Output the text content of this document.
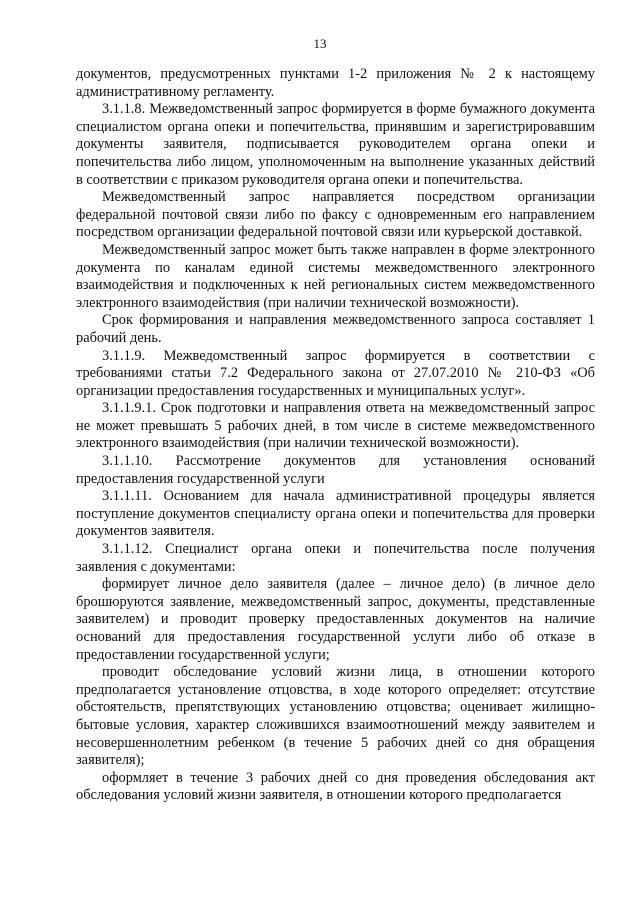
13

документов, предусмотренных пунктами 1-2 приложения № 2 к настоящему административному регламенту.

3.1.1.8. Межведомственный запрос формируется в форме бумажного документа специалистом органа опеки и попечительства, принявшим и зарегистрировавшим документы заявителя, подписывается руководителем органа опеки и попечительства либо лицом, уполномоченным на выполнение указанных действий в соответствии с приказом руководителя органа опеки и попечительства.

Межведомственный запрос направляется посредством организации федеральной почтовой связи либо по факсу с одновременным его направлением посредством организации федеральной почтовой связи или курьерской доставкой.

Межведомственный запрос может быть также направлен в форме электронного документа по каналам единой системы межведомственного электронного взаимодействия и подключенных к ней региональных систем межведомственного электронного взаимодействия (при наличии технической возможности).

Срок формирования и направления межведомственного запроса составляет 1 рабочий день.

3.1.1.9. Межведомственный запрос формируется в соответствии с требованиями статьи 7.2 Федерального закона от 27.07.2010 № 210-ФЗ «Об организации предоставления государственных и муниципальных услуг».

3.1.1.9.1. Срок подготовки и направления ответа на межведомственный запрос не может превышать 5 рабочих дней, в том числе в системе межведомственного электронного взаимодействия (при наличии технической возможности).

3.1.1.10. Рассмотрение документов для установления оснований предоставления государственной услуги

3.1.1.11. Основанием для начала административной процедуры является поступление документов специалисту органа опеки и попечительства для проверки документов заявителя.

3.1.1.12. Специалист органа опеки и попечительства после получения заявления с документами:

формирует личное дело заявителя (далее – личное дело) (в личное дело брошюруются заявление, межведомственный запрос, документы, представленные заявителем) и проводит проверку предоставленных документов на наличие оснований для предоставления государственной услуги либо об отказе в предоставлении государственной услуги;

проводит обследование условий жизни лица, в отношении которого предполагается установление отцовства, в ходе которого определяет: отсутствие обстоятельств, препятствующих установлению отцовства; оценивает жилищно-бытовые условия, характер сложившихся взаимоотношений между заявителем и несовершеннолетним ребенком (в течение 5 рабочих дней со дня обращения заявителя);

оформляет в течение 3 рабочих дней со дня проведения обследования акт обследования условий жизни заявителя, в отношении которого предполагается
